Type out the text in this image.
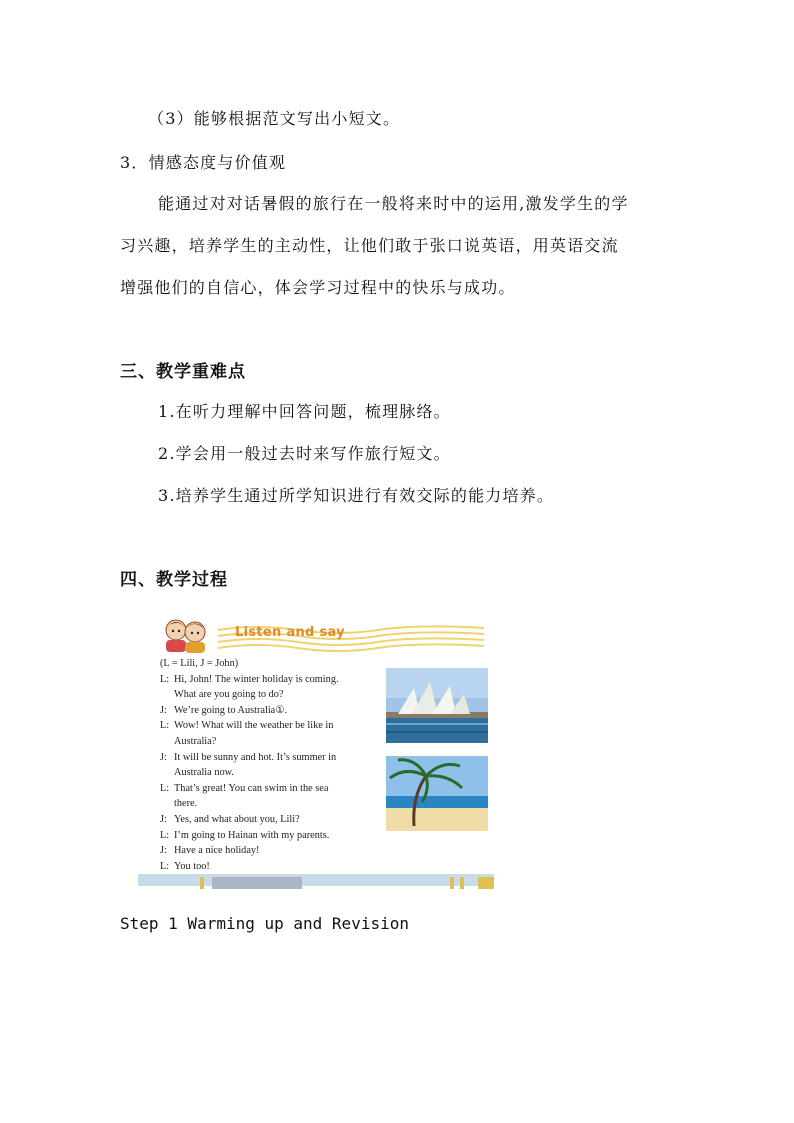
（3）能够根据范文写出小短文。
3．情感态度与价值观
能通过对对话暑假的旅行在一般将来时中的运用,激发学生的学
习兴趣，培养学生的主动性，让他们敢于张口说英语，用英语交流
增强他们的自信心，体会学习过程中的快乐与成功。
三、教学重难点
1.在听力理解中回答问题，梳理脉络。
2.学会用一般过去时来写作旅行短文。
3.培养学生通过所学知识进行有效交际的能力培养。
四、教学过程
Listen and say
(L = Lili, J = John)
L: Hi, John! The winter holiday is coming.
What are you going to do?
J: We’re going to Australia①.
L: Wow! What will the weather be like in
Australia?
J: It will be sunny and hot. It’s summer in
Australia now.
L: That’s great! You can swim in the sea
there.
J: Yes, and what about you, Lili?
L: I’m going to Hainan with my parents.
J: Have a nice holiday!
L: You too!
Step 1 Warming up and Revision
